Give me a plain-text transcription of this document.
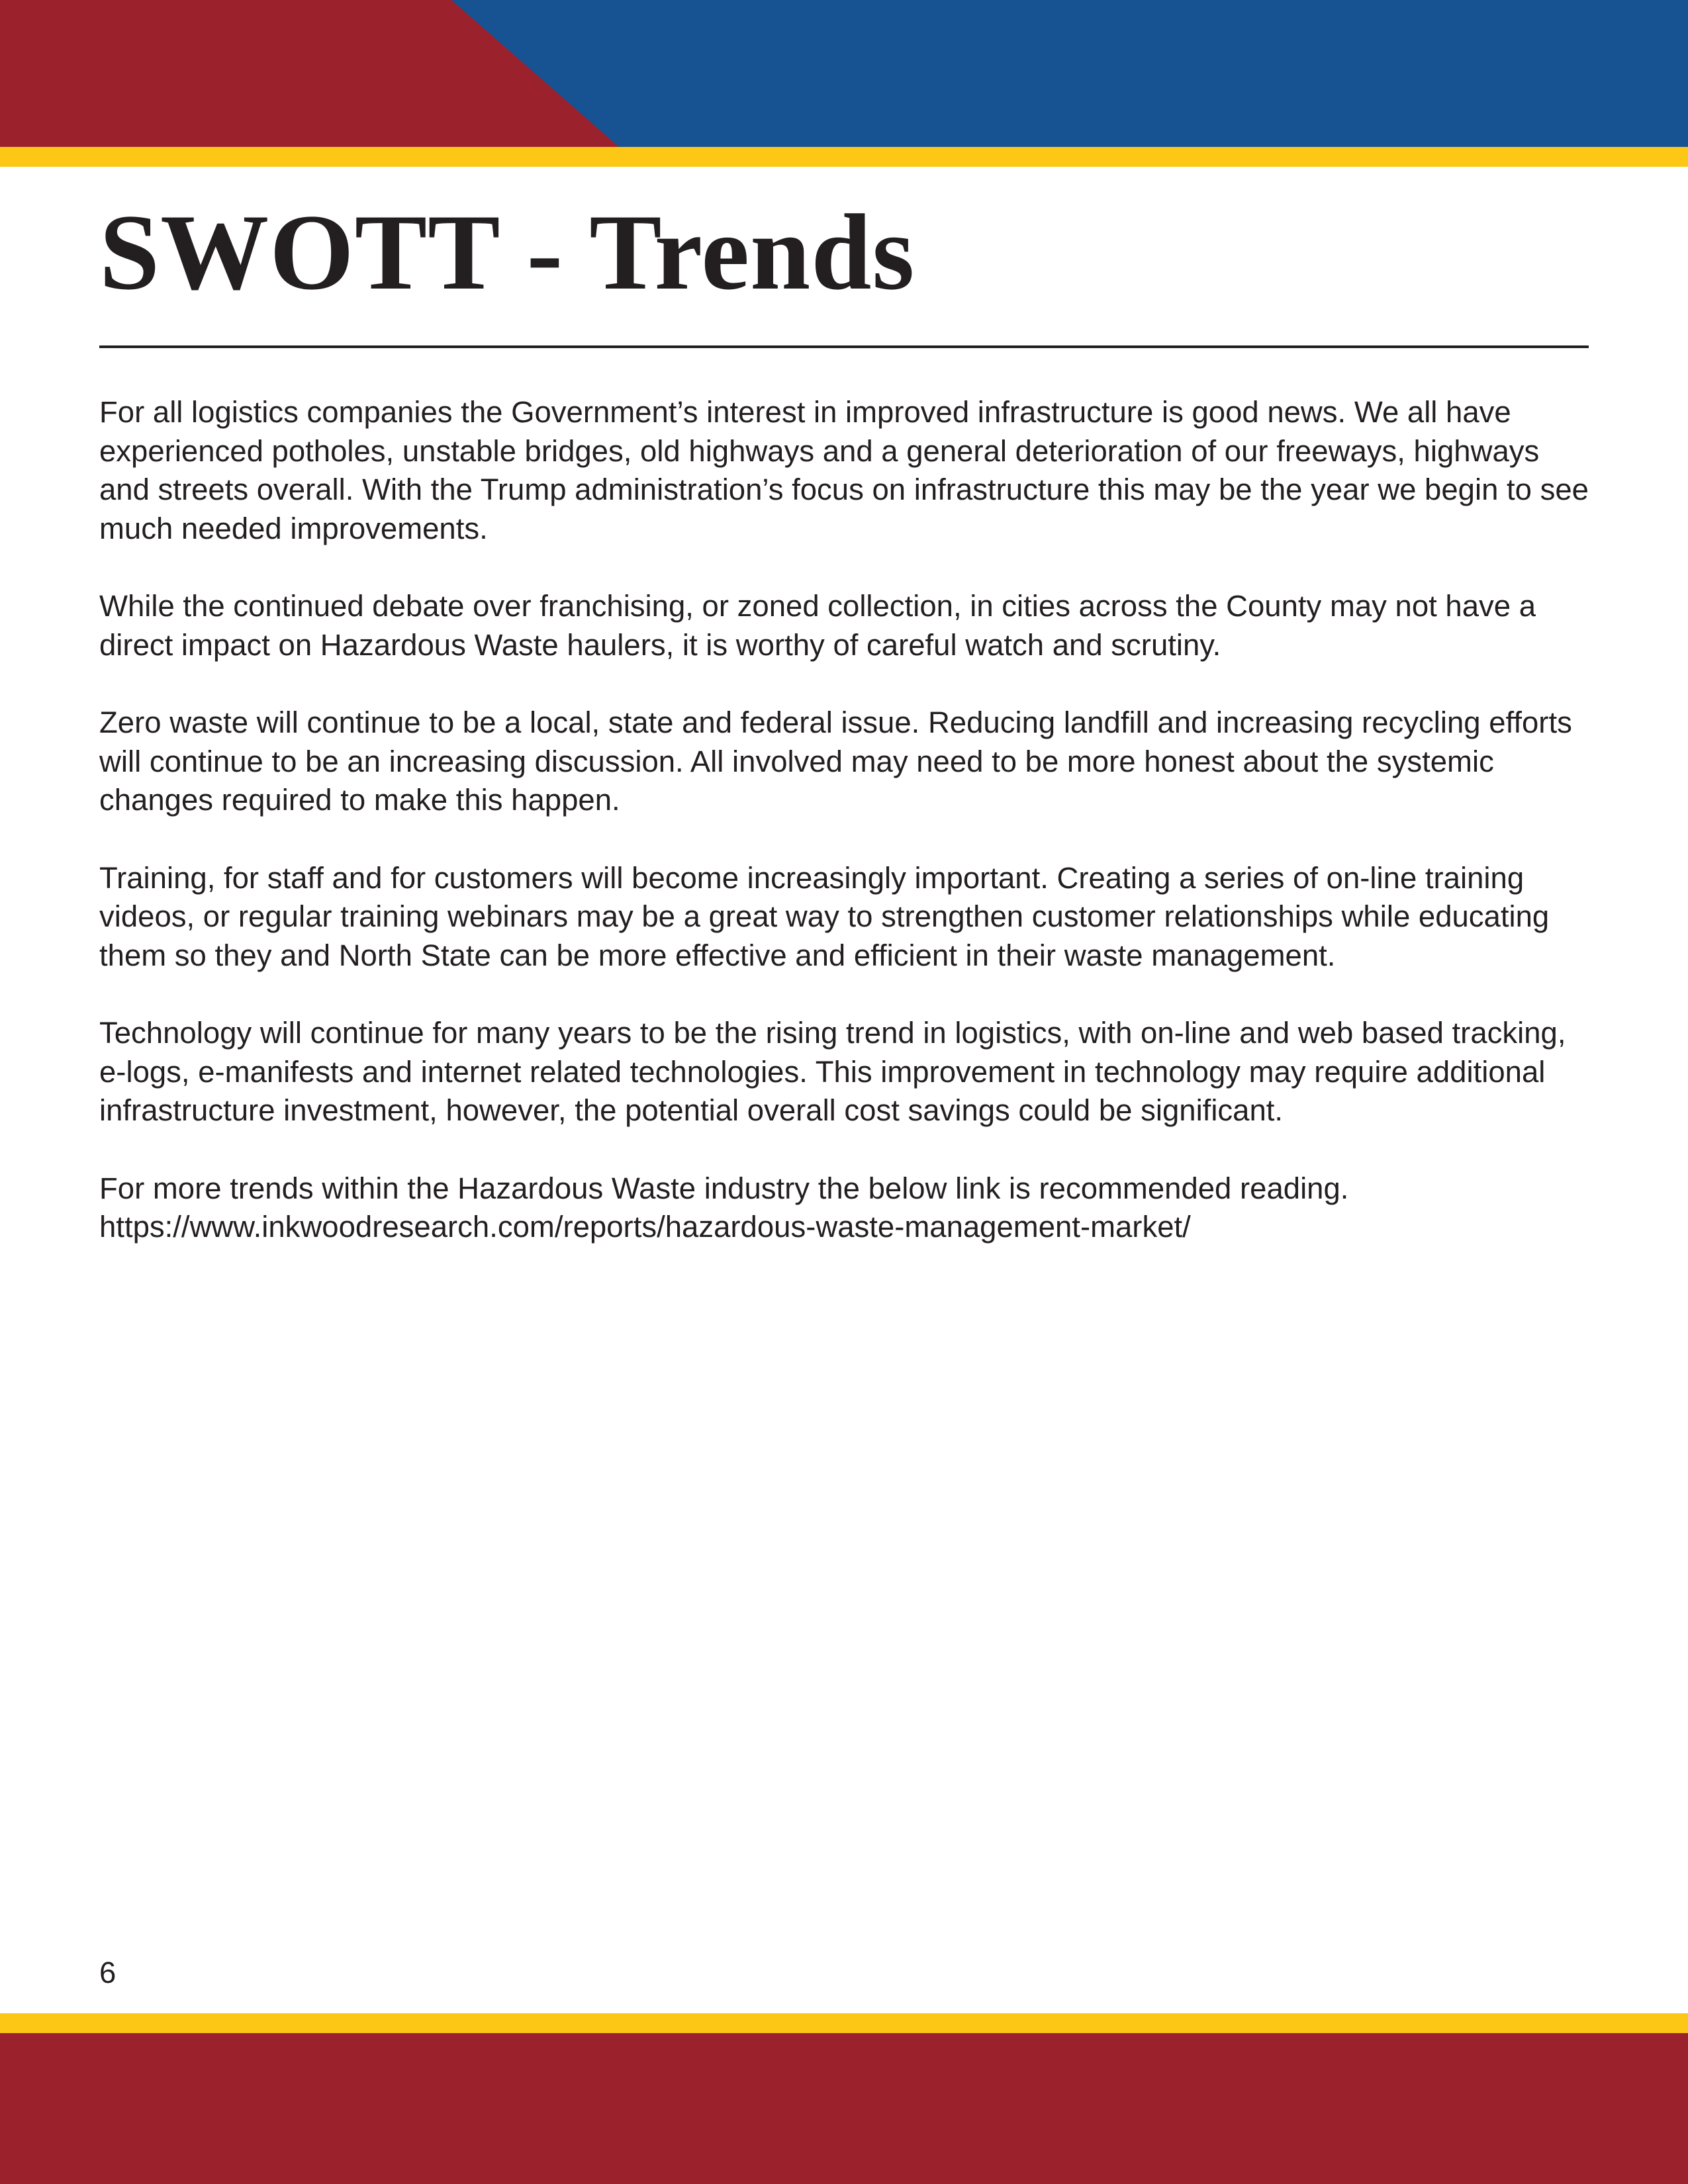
SWOTT - Trends

For all logistics companies the Government’s interest in improved infrastructure is good news. We all have experienced potholes, unstable bridges, old highways and a general deterioration of our freeways, highways and streets overall. With the Trump administration’s focus on infrastructure this may be the year we begin to see much needed improvements.

While the continued debate over franchising, or zoned collection, in cities across the County may not have a direct impact on Hazardous Waste haulers, it is worthy of careful watch and scrutiny.

Zero waste will continue to be a local, state and federal issue. Reducing landfill and increasing recycling efforts will continue to be an increasing discussion. All involved may need to be more honest about the systemic changes required to make this happen.

Training, for staff and for customers will become increasingly important. Creating a series of on-line training videos, or regular training webinars may be a great way to strengthen customer relationships while educating them so they and North State can be more effective and efficient in their waste management.

Technology will continue for many years to be the rising trend in logistics, with on-line and web based tracking, e-logs, e-manifests and internet related technologies. This improvement in technology may require additional infrastructure investment, however, the potential overall cost savings could be significant.

For more trends within the Hazardous Waste industry the below link is recommended reading.
https://www.inkwoodresearch.com/reports/hazardous-waste-management-market/

6
